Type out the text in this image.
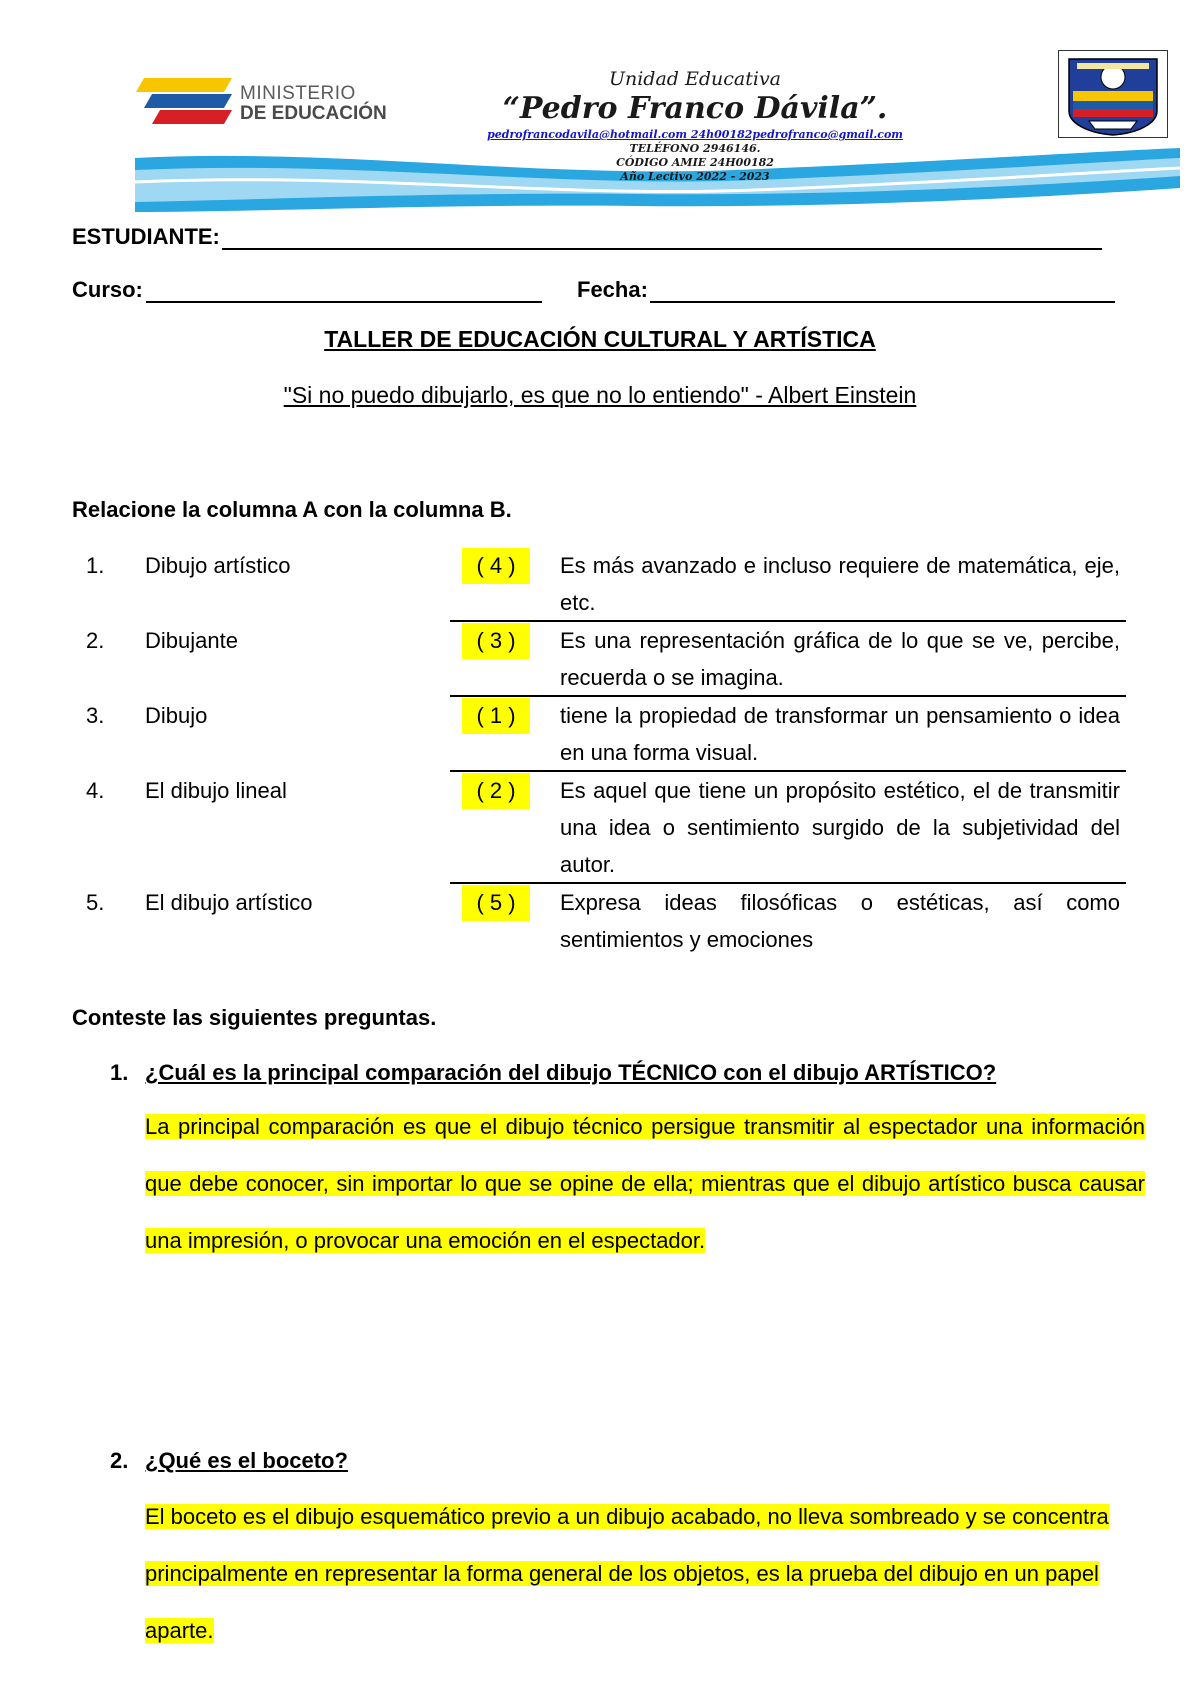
MINISTERIO
DE EDUCACIÓN
Unidad Educativa
“Pedro Franco Dávila”.
pedrofrancodavila@hotmail.com 24h00182pedrofranco@gmail.com
TELÉFONO 2946146.
CÓDIGO AMIE 24H00182
Año Lectivo 2022 - 2023
ESTUDIANTE:
Curso:	Fecha:
TALLER DE EDUCACIÓN CULTURAL Y ARTÍSTICA
"Si no puedo dibujarlo, es que no lo entiendo" - Albert Einstein
Relacione la columna A con la columna B.
1. Dibujo artístico	( 4 )	Es más avanzado e incluso requiere de matemática, eje, etc.
2. Dibujante	( 3 )	Es una representación gráfica de lo que se ve, percibe, recuerda o se imagina.
3. Dibujo	( 1 )	tiene la propiedad de transformar un pensamiento o idea en una forma visual.
4. El dibujo lineal	( 2 )	Es aquel que tiene un propósito estético, el de transmitir una idea o sentimiento surgido de la subjetividad del autor.
5. El dibujo artístico	( 5 )	Expresa ideas filosóficas o estéticas, así como sentimientos y emociones
Conteste las siguientes preguntas.
1. ¿Cuál es la principal comparación del dibujo TÉCNICO con el dibujo ARTÍSTICO?
La principal comparación es que el dibujo técnico persigue transmitir al espectador una información que debe conocer, sin importar lo que se opine de ella; mientras que el dibujo artístico busca causar una impresión, o provocar una emoción en el espectador.
2. ¿Qué es el boceto?
El boceto es el dibujo esquemático previo a un dibujo acabado, no lleva sombreado y se concentra principalmente en representar la forma general de los objetos, es la prueba del dibujo en un papel aparte.
